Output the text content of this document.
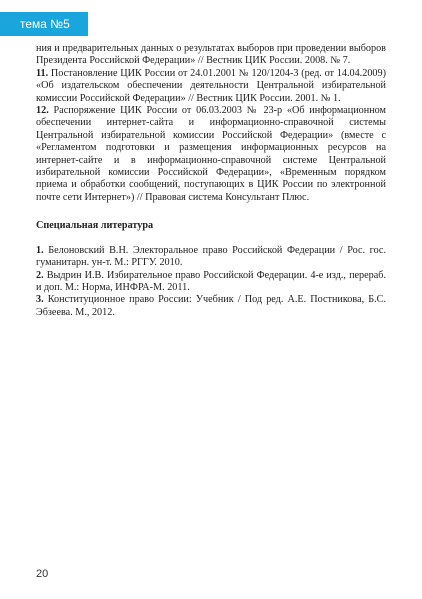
тема №5

ния и предварительных данных о результатах выборов при проведении выборов Президента Российской Федерации» // Вестник ЦИК России. 2008. № 7.

11. Постановление ЦИК России от 24.01.2001 № 120/1204-3 (ред. от 14.04.2009) «Об издательском обеспечении деятельности Центральной избирательной комиссии Российской Федерации» // Вестник ЦИК России. 2001. № 1.

12. Распоряжение ЦИК России от 06.03.2003 № 23-р «Об информационном обеспечении интернет-сайта и информационно-справочной системы Центральной избирательной комиссии Российской Федерации» (вместе с «Регламентом подготовки и размещения информационных ресурсов на интернет-сайте и в информационно-справочной системе Центральной избирательной комиссии Российской Федерации», «Временным порядком приема и обработки сообщений, поступающих в ЦИК России по электронной почте сети Интернет») // Правовая система Консультант Плюс.

Специальная литература

1. Белоновский В.Н. Электоральное право Российской Федерации / Рос. гос. гуманитарн. ун-т. М.: РГГУ. 2010.

2. Выдрин И.В. Избирательное право Российской Федерации. 4-е изд., перераб. и доп. М.: Норма, ИНФРА-М. 2011.

3. Конституционное право России: Учебник / Под ред. А.Е. Постникова, Б.С. Эбзеева. М., 2012.

20
